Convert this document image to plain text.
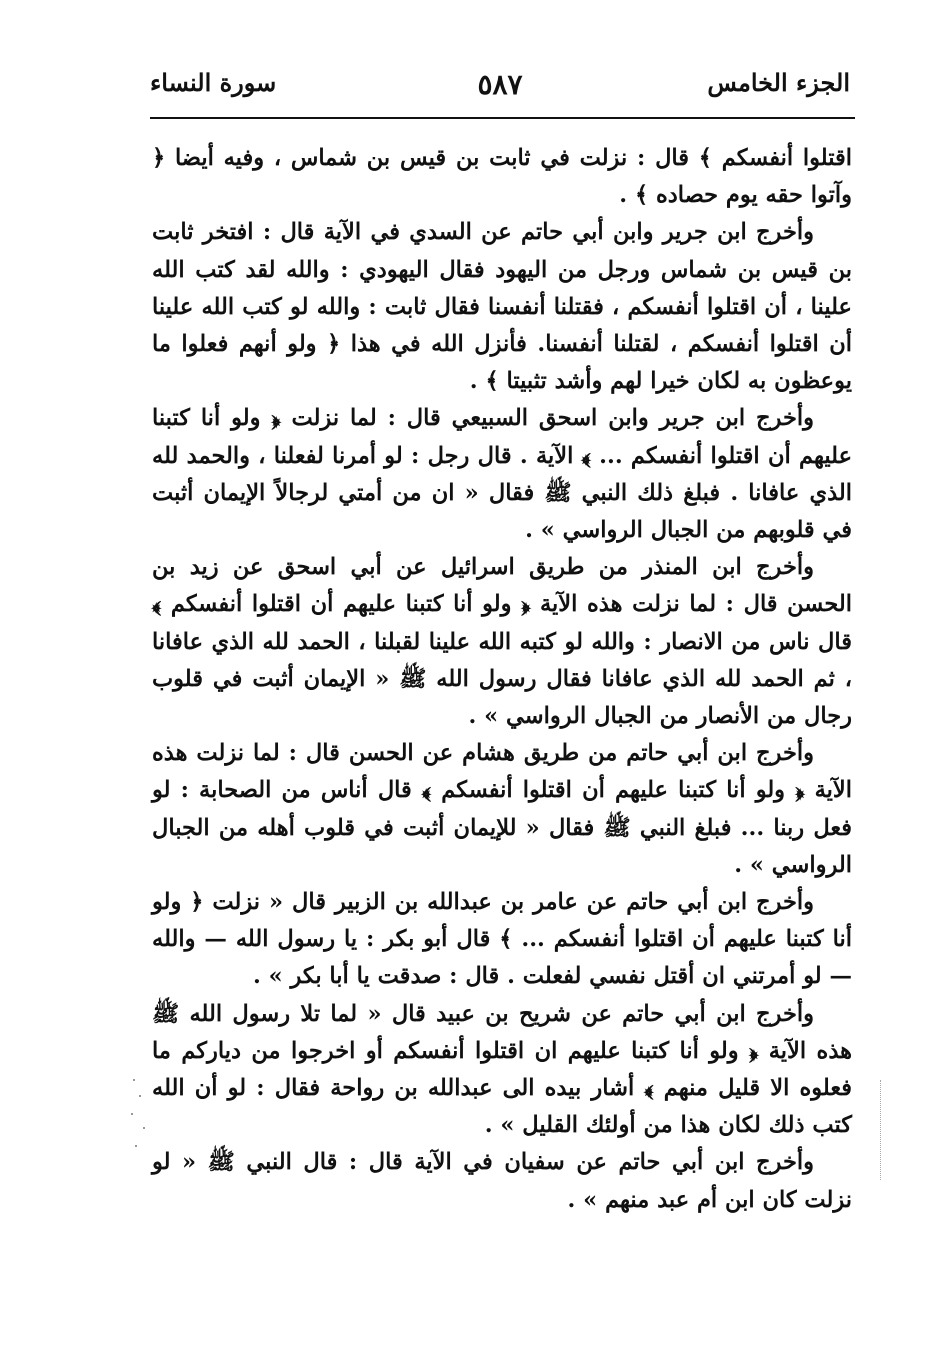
الجزء الخامس
٥٨٧
سورة النساء

اقتلوا أنفسكم ﴾ قال : نزلت في ثابت بن قيس بن شماس ، وفيه أيضا ﴿ وآتوا حقه يوم حصاده ﴾ .

وأخرج ابن جرير وابن أبي حاتم عن السدي في الآية قال : افتخر ثابت بن قيس بن شماس ورجل من اليهود فقال اليهودي : والله لقد كتب الله علينا ، أن اقتلوا أنفسكم ، فقتلنا أنفسنا فقال ثابت : والله لو كتب الله علينا أن اقتلوا أنفسكم ، لقتلنا أنفسنا. فأنزل الله في هذا ﴿ ولو أنهم فعلوا ما يوعظون به لكان خيرا لهم وأشد تثبيتا ﴾ .

وأخرج ابن جرير وابن اسحق السبيعي قال : لما نزلت ﴿ ولو أنا كتبنا عليهم أن اقتلوا أنفسكم ... ﴾ الآية . قال رجل : لو أمرنا لفعلنا ، والحمد لله الذي عافانا . فبلغ ذلك النبي ﷺ فقال « ان من أمتي لرجالاً الإيمان أثبت في قلوبهم من الجبال الرواسي » .

وأخرج ابن المنذر من طريق اسرائيل عن أبي اسحق عن زيد بن الحسن قال : لما نزلت هذه الآية ﴿ ولو أنا كتبنا عليهم أن اقتلوا أنفسكم ﴾ قال ناس من الانصار : والله لو كتبه الله علينا لقبلنا ، الحمد لله الذي عافانا ، ثم الحمد لله الذي عافانا فقال رسول الله ﷺ « الإيمان أثبت في قلوب رجال من الأنصار من الجبال الرواسي » .

وأخرج ابن أبي حاتم من طريق هشام عن الحسن قال : لما نزلت هذه الآية ﴿ ولو أنا كتبنا عليهم أن اقتلوا أنفسكم ﴾ قال أناس من الصحابة : لو فعل ربنا ... فبلغ النبي ﷺ فقال « للإيمان أثبت في قلوب أهله من الجبال الرواسي » .

وأخرج ابن أبي حاتم عن عامر بن عبدالله بن الزبير قال « نزلت ﴿ ولو أنا كتبنا عليهم أن اقتلوا أنفسكم ... ﴾ قال أبو بكر : يا رسول الله — والله — لو أمرتني ان أقتل نفسي لفعلت . قال : صدقت يا أبا بكر » .

وأخرج ابن أبي حاتم عن شريح بن عبيد قال « لما تلا رسول الله ﷺ هذه الآية ﴿ ولو أنا كتبنا عليهم ان اقتلوا أنفسكم أو اخرجوا من دياركم ما فعلوه الا قليل منهم ﴾ أشار بيده الى عبدالله بن رواحة فقال : لو أن الله كتب ذلك لكان هذا من أولئك القليل » .

وأخرج ابن أبي حاتم عن سفيان في الآية قال : قال النبي ﷺ « لو نزلت كان ابن أم عبد منهم » .
